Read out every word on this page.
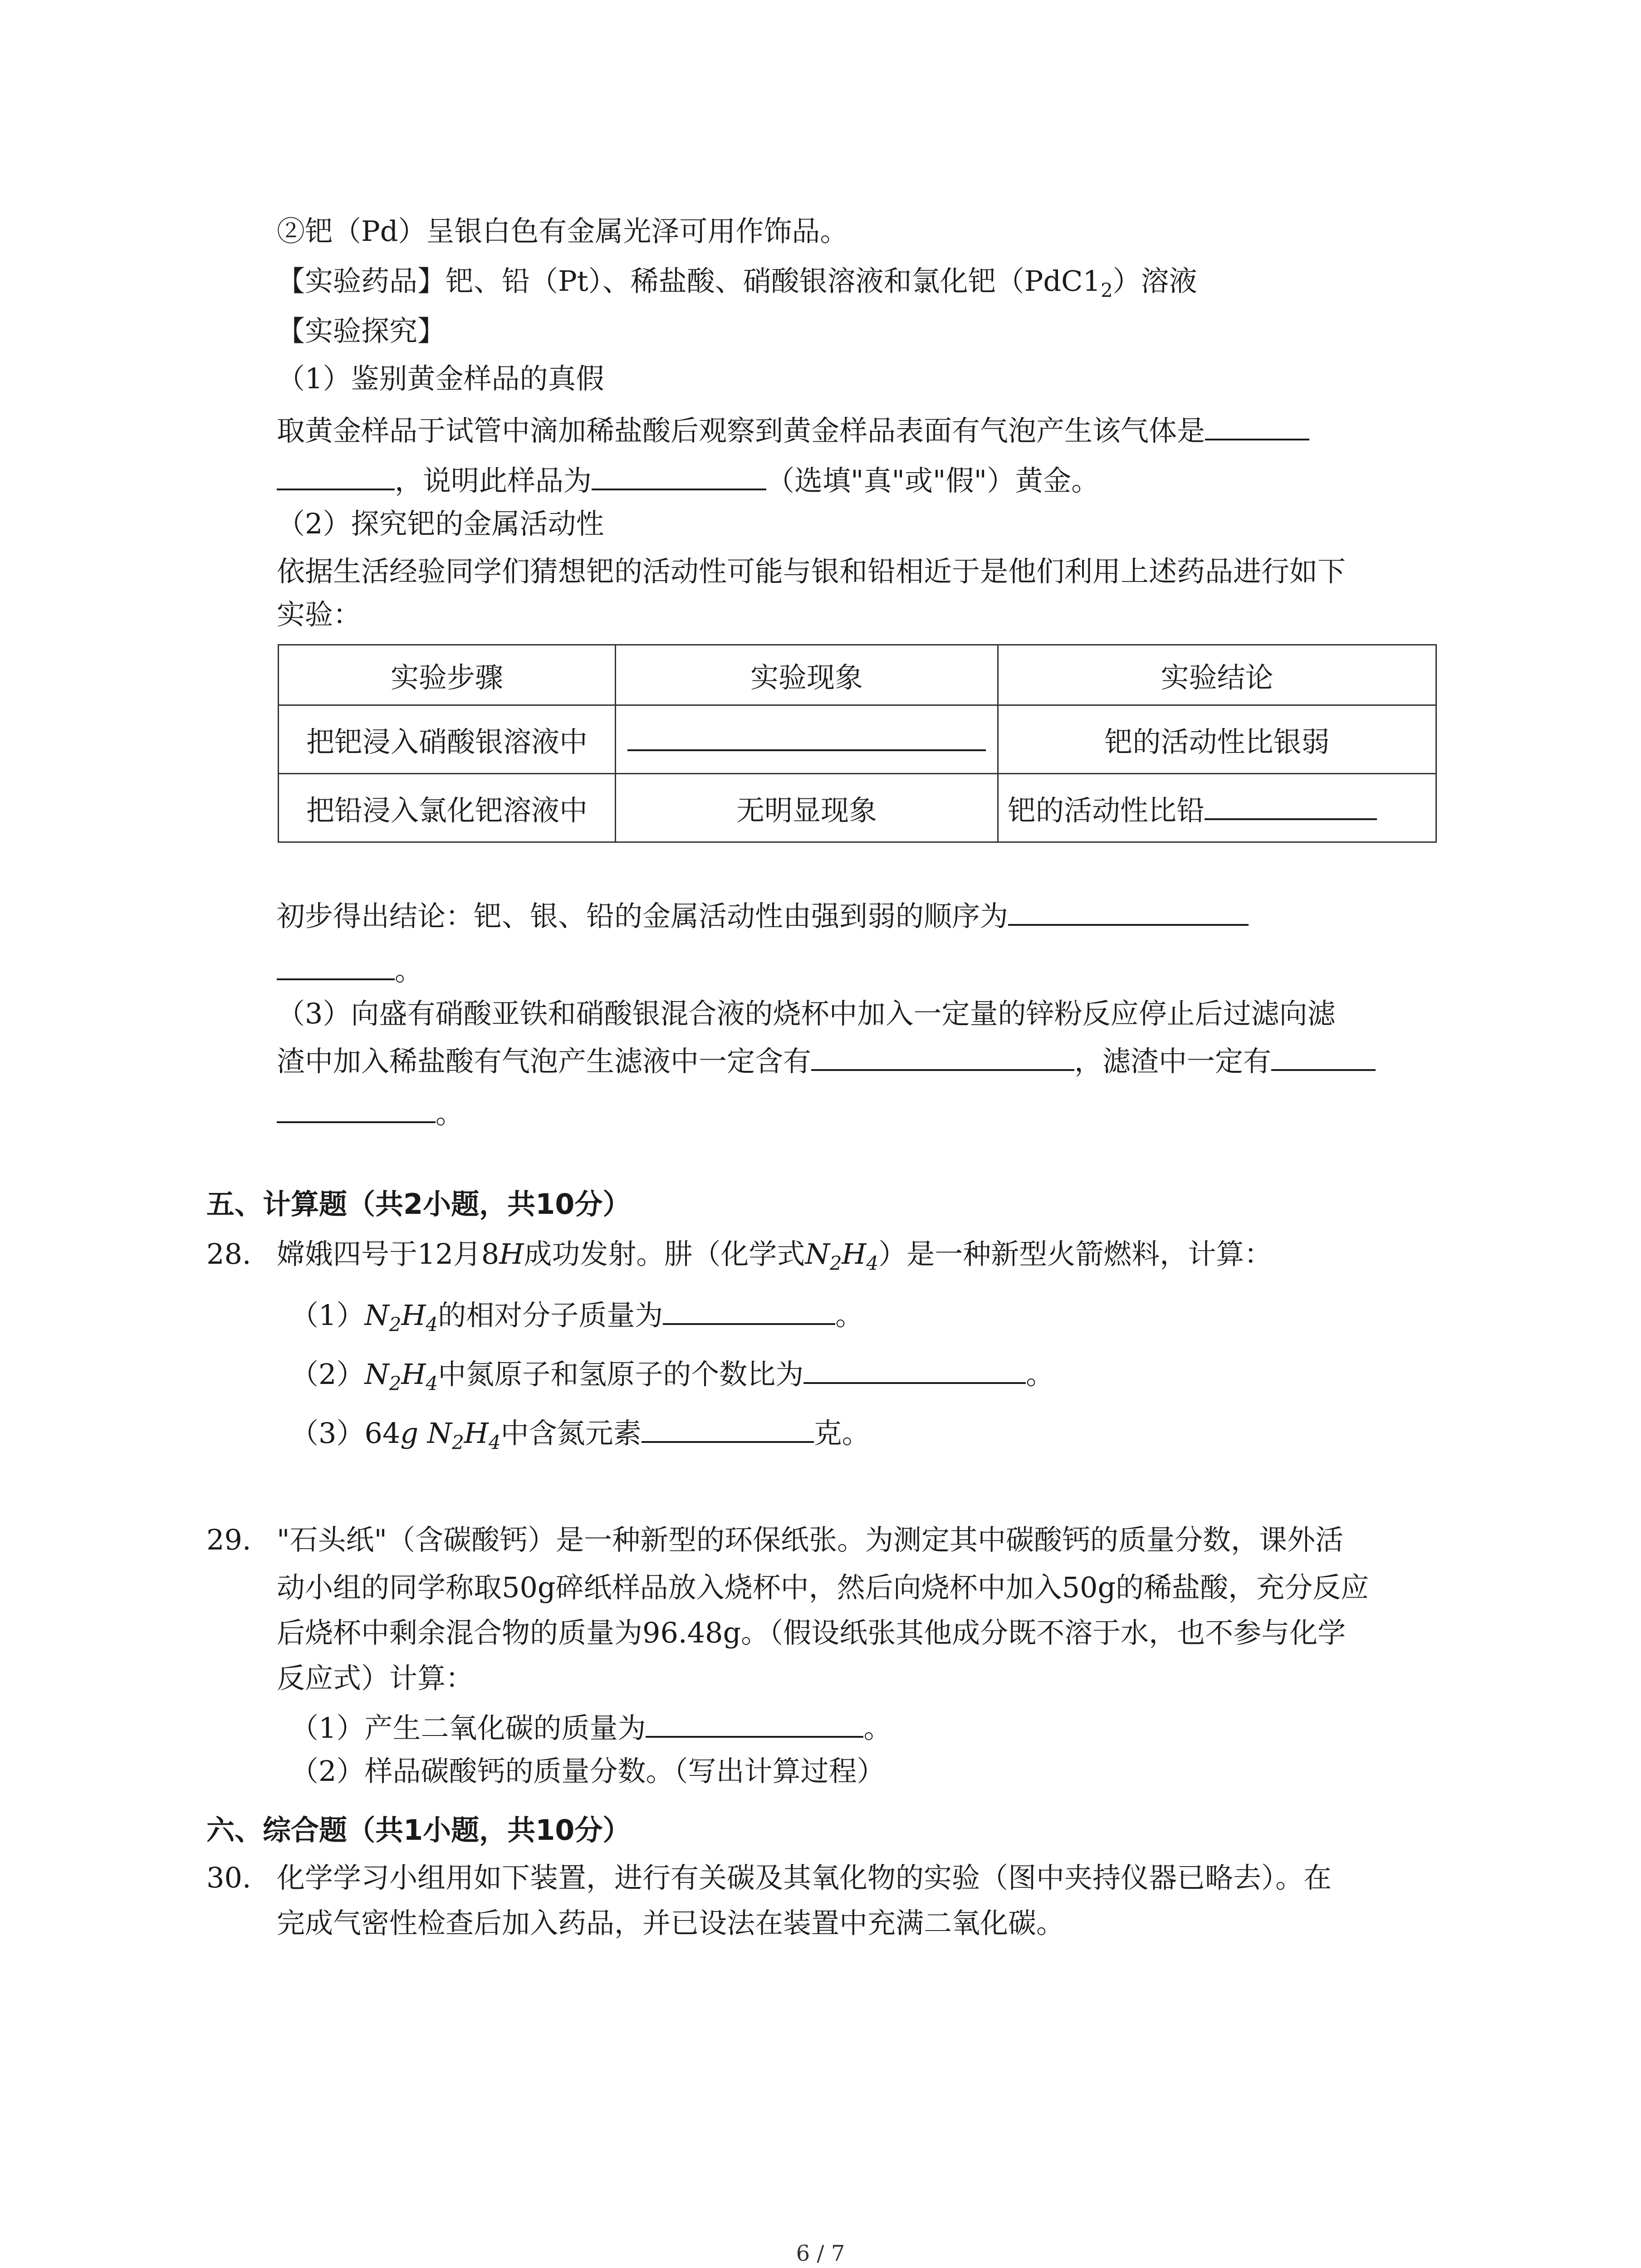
②钯（Pd）呈银白色有金属光泽可用作饰品。
【实验药品】钯、铅（Pt）、稀盐酸、硝酸银溶液和氯化钯$(PdC1_2)$溶液
【实验探究】
（1）鉴别黄金样品的真假
取黄金样品于试管中滴加稀盐酸后观察到黄金样品表面有气泡产生该气体是
，说明此样品为	（选填"真"或"假"）黄金。
（2）探究钯的金属活动性
依据生活经验同学们猜想钯的活动性可能与银和铅相近于是他们利用上述药品进行如下
实验：
实验步骤	实验现象	实验结论
把钯浸入硝酸银溶液中		钯的活动性比银弱
把铅浸入氯化钯溶液中	无明显现象	钯的活动性比铅
初步得出结论：钯、银、铅的金属活动性由强到弱的顺序为
。
（3）向盛有硝酸亚铁和硝酸银混合液的烧杯中加入一定量的锌粉反应停止后过滤向滤
渣中加入稀盐酸有气泡产生滤液中一定含有	，滤渣中一定有
。
五、计算题（共2小题，共10分）
28. 嫦娥四号于12月8H成功发射。肼（化学式$N_2H_4$）是一种新型火箭燃料，计算：
$(1)N_2H_4$的相对分子质量为	。
$(2)N_2H_4$中氮原子和氢原子的个数比为	。
（3）64g $N_2H_4$中含氮元素	克。
29. "石头纸"（含碳酸钙）是一种新型的环保纸张。为测定其中碳酸钙的质量分数，课外活
动小组的同学称取50g碎纸样品放入烧杯中，然后向烧杯中加入50g的稀盐酸，充分反应
后烧杯中剩余混合物的质量为96.48g。（假设纸张其他成分既不溶于水，也不参与化学
反应式）计算：
（1）产生二氧化碳的质量为	。
（2）样品碳酸钙的质量分数。（写出计算过程）
六、综合题（共1小题，共10分）
30. 化学学习小组用如下装置，进行有关碳及其氧化物的实验（图中夹持仪器已略去）。在
完成气密性检查后加入药品，并已设法在装置中充满二氧化碳。
6 / 7
